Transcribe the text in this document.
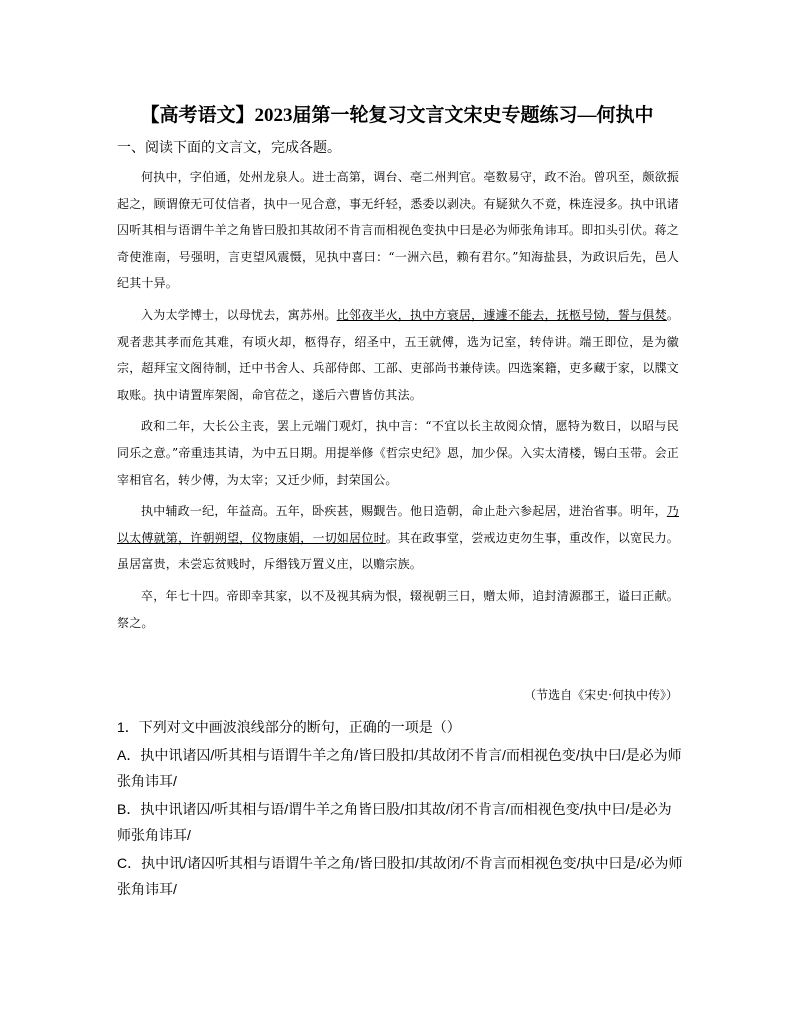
【高考语文】2023届第一轮复习文言文宋史专题练习—何执中
一、阅读下面的文言文，完成各题。

何执中，字伯通，处州龙泉人。进士高第，调台、亳二州判官。亳数易守，政不治。曾巩至，颇欲振起之，顾谓僚无可仗信者，执中一见合意，事无纤轻，悉委以剥决。有疑狱久不竟，株连浸多。执中讯诸囚听其相与语谓牛羊之角皆曰股扣其故闭不肯言而相视色变执中曰是必为师张角讳耳。即扣头引伏。蒋之奇使淮南，号强明，言吏望风震慑，见执中喜曰：“一洲六邑，赖有君尔。”知海盐县，为政识后先，邑人纪其十异。

入为太学博士，以母忧去，寓苏州。比邻夜半火，执中方衰居，遽遽不能去，抚柩号恸，誓与俱焚。观者悲其孝而危其难，有顷火却，柩得存，绍圣中，五王就傅，选为记室，转侍讲。端王即位，是为徽宗，超拜宝文阁待制，迁中书舍人、兵部侍郎、工部、吏部尚书兼侍读。四选案籍，吏多藏于家，以牒文取账。执中请置库架阁，命官莅之，遂后六曹皆仿其法。

政和二年，大长公主丧，罢上元端门观灯，执中言：“不宜以长主故阅众情，愿特为数日，以昭与民同乐之意。”帝重违其请，为中五日期。用提举修《哲宗史纪》恩，加少保。入实太清楼，锡白玉带。会正宰相官名，转少傅，为太宰；又迁少师，封荣国公。

执中辅政一纪，年益高。五年，卧疾甚，赐觐告。他日造朝，命止赴六参起居，进治省事。明年，乃以太傅就第，许朝朔望，仪物康娟，一切如居位时。其在政事堂，尝戒边吏勿生事，重改作，以宽民力。虽居富贵，未尝忘贫贱时，斥缗钱万置义庄，以赡宗族。

卒，年七十四。帝即幸其家，以不及视其病为恨，辍视朝三日，赠太师，追封清源郡王，谥曰正献。祭之。

（节选自《宋史·何执中传》）
1．下列对文中画波浪线部分的断句，正确的一项是（）
A．执中讯诸囚/听其相与语谓牛羊之角/皆曰股扣/其故闭不肯言/而相视色变/执中曰/是必为师张角讳耳/
B．执中讯诸囚/听其相与语/谓牛羊之角皆曰股/扣其故/闭不肯言/而相视色变/执中曰/是必为师张角讳耳/
C．执中讯/诸囚听其相与语谓牛羊之角/皆曰股扣/其故闭/不肯言而相视色变/执中曰是/必为师张角讳耳/
